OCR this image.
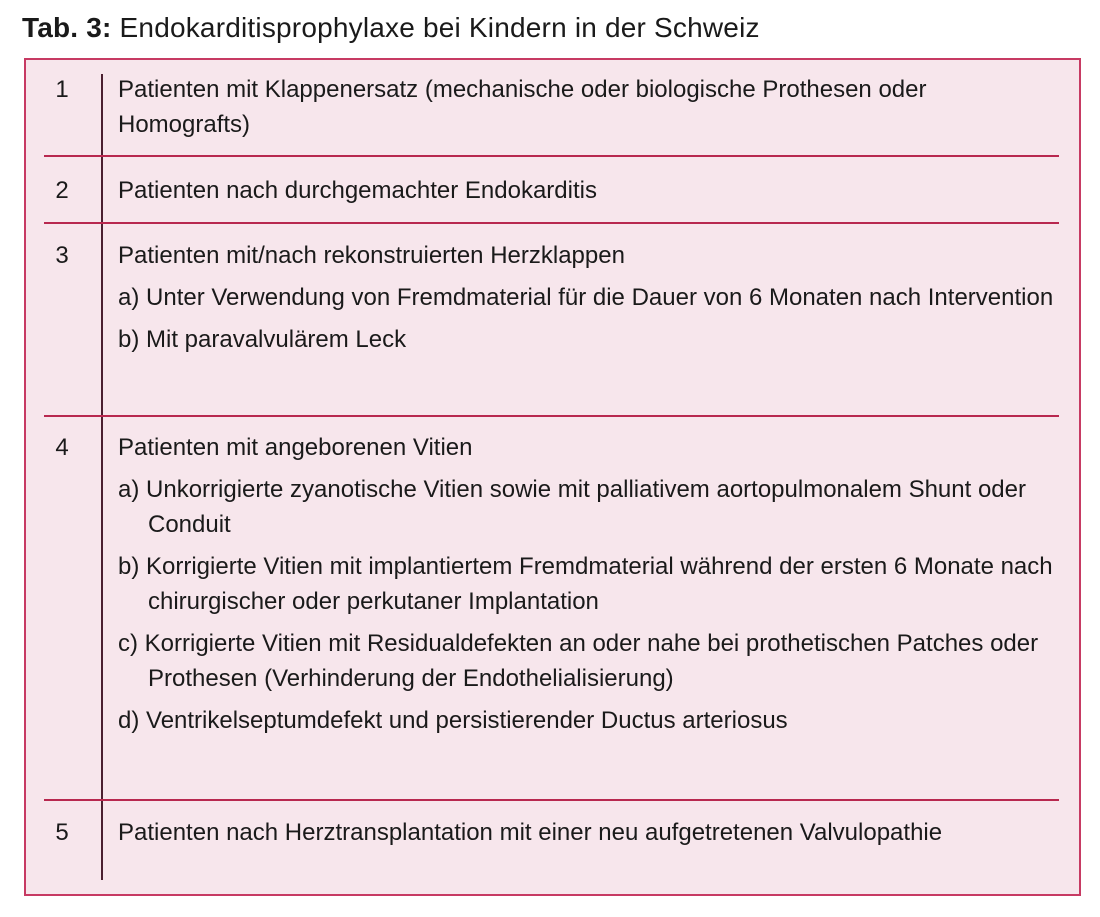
Tab. 3: Endokarditisprophylaxe bei Kindern in der Schweiz
1	Patienten mit Klappenersatz (mechanische oder biologische Prothesen oder Homografts)
2	Patienten nach durchgemachter Endokarditis
3	Patienten mit/nach rekonstruierten Herzklappen
a) Unter Verwendung von Fremdmaterial für die Dauer von 6 Monaten nach Intervention
b) Mit paravalvulärem Leck
4	Patienten mit angeborenen Vitien
a) Unkorrigierte zyanotische Vitien sowie mit palliativem aortopulmonalem Shunt oder Conduit
b) Korrigierte Vitien mit implantiertem Fremdmaterial während der ersten 6 Monate nach chirurgischer oder perkutaner Implantation
c) Korrigierte Vitien mit Residualdefekten an oder nahe bei prothetischen Patches oder Prothesen (Verhinderung der Endothelialisierung)
d) Ventrikelseptumdefekt und persistierender Ductus arteriosus
5	Patienten nach Herztransplantation mit einer neu aufgetretenen Valvulopathie
